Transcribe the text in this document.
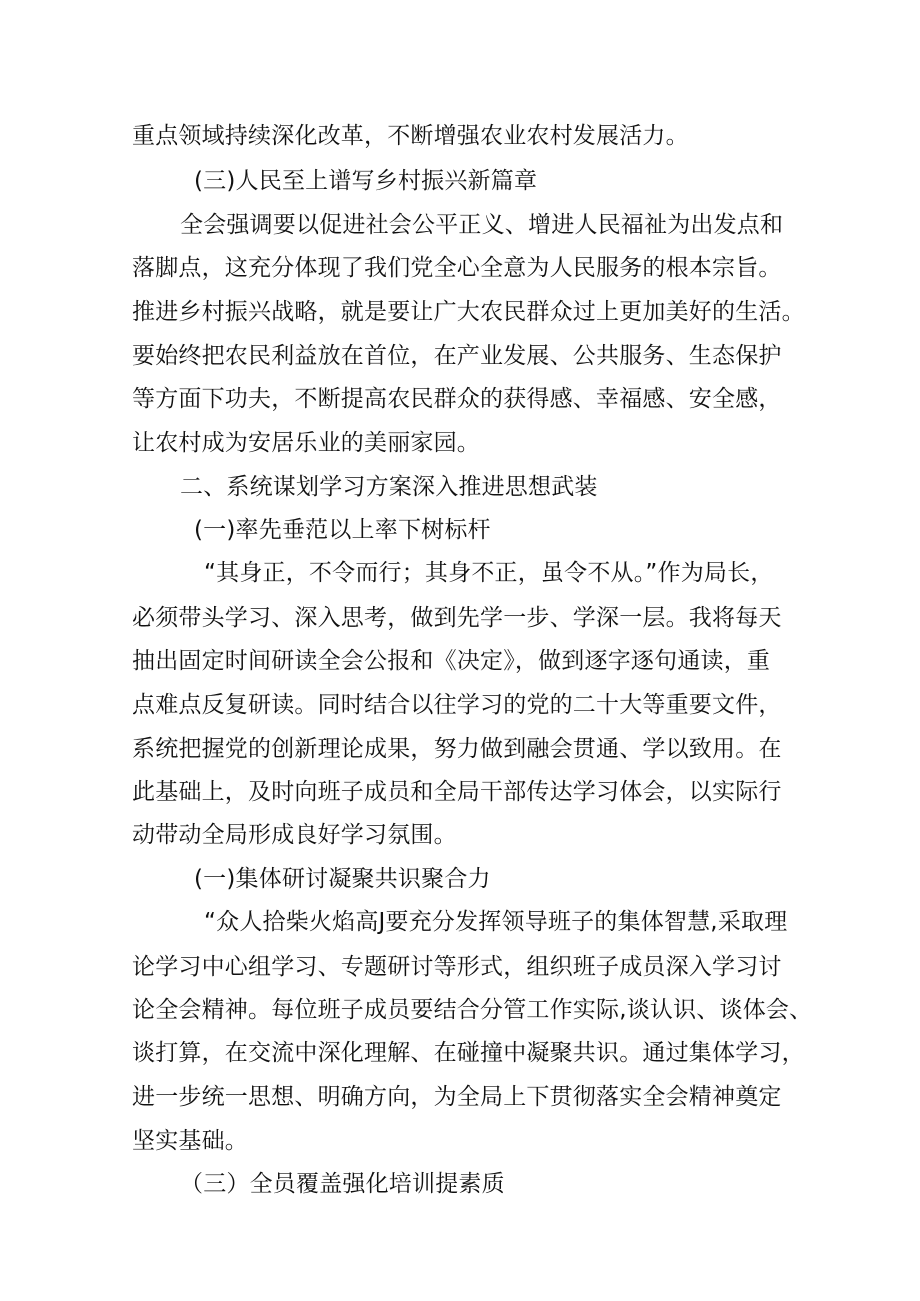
重点领域持续深化改革，不断增强农业农村发展活力。
(三)人民至上谱写乡村振兴新篇章
全会强调要以促进社会公平正义、增进人民福祉为出发点和
落脚点，这充分体现了我们党全心全意为人民服务的根本宗旨。
推进乡村振兴战略，就是要让广大农民群众过上更加美好的生活。
要始终把农民利益放在首位，在产业发展、公共服务、生态保护
等方面下功夫，不断提高农民群众的获得感、幸福感、安全感，
让农村成为安居乐业的美丽家园。
二、系统谋划学习方案深入推进思想武装
(一)率先垂范以上率下树标杆
“其身正，不令而行；其身不正，虽令不从。”作为局长，
必须带头学习、深入思考，做到先学一步、学深一层。我将每天
抽出固定时间研读全会公报和《决定》，做到逐字逐句通读，重
点难点反复研读。同时结合以往学习的党的二十大等重要文件，
系统把握党的创新理论成果，努力做到融会贯通、学以致用。在
此基础上，及时向班子成员和全局干部传达学习体会，以实际行
动带动全局形成良好学习氛围。
(一)集体研讨凝聚共识聚合力
“众人拾柴火焰高J要充分发挥领导班子的集体智慧,采取理
论学习中心组学习、专题研讨等形式，组织班子成员深入学习讨
论全会精神。每位班子成员要结合分管工作实际,谈认识、谈体会、
谈打算，在交流中深化理解、在碰撞中凝聚共识。通过集体学习，
进一步统一思想、明确方向，为全局上下贯彻落实全会精神奠定
坚实基础。
（三）全员覆盖强化培训提素质
